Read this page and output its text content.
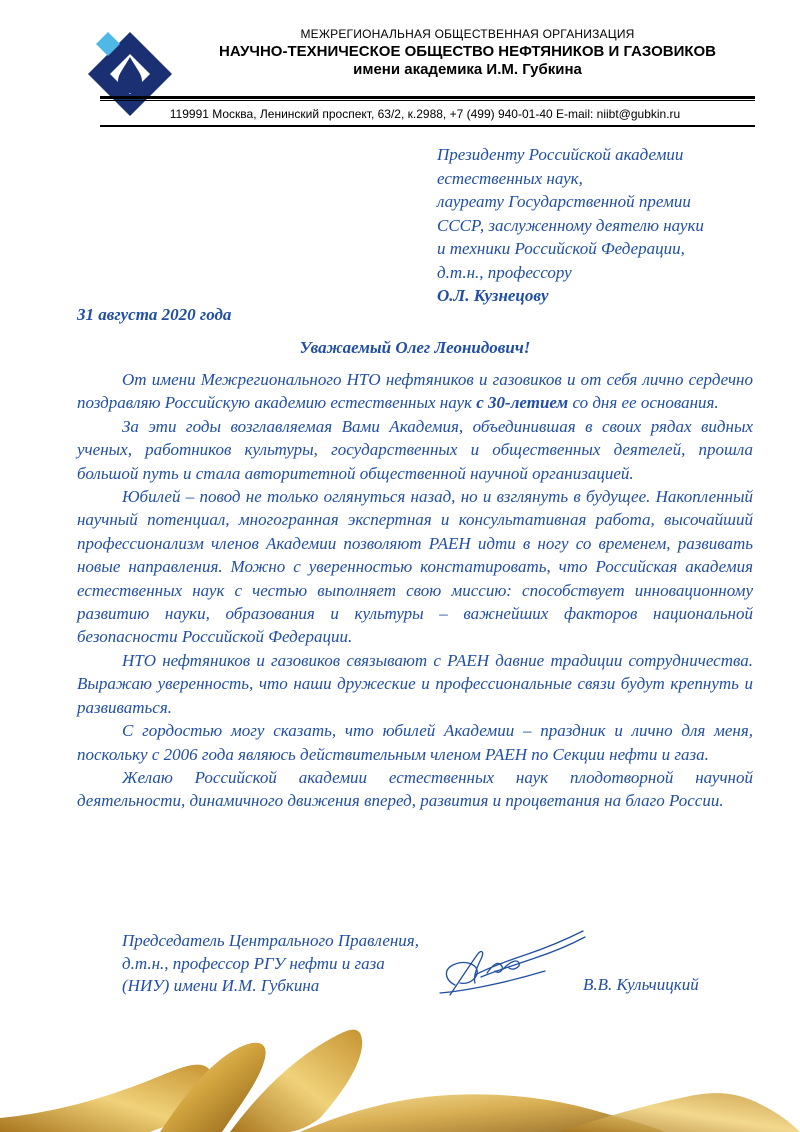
МЕЖРЕГИОНАЛЬНАЯ ОБЩЕСТВЕННАЯ ОРГАНИЗАЦИЯ
НАУЧНО-ТЕХНИЧЕСКОЕ ОБЩЕСТВО НЕФТЯНИКОВ И ГАЗОВИКОВ
имени академика И.М. Губкина
119991 Москва, Ленинский проспект, 63/2, к.2988, +7 (499) 940-01-40 E-mail: niibt@gubkin.ru
Президенту Российской академии
естественных наук,
лауреату Государственной премии
СССР, заслуженному деятелю науки
и техники Российской Федерации,
д.т.н., профессору
О.Л. Кузнецову
31 августа 2020 года
Уважаемый Олег Леонидович!

От имени Межрегионального НТО нефтяников и газовиков и от себя лично сердечно поздравляю Российскую академию естественных наук с 30-летием со дня ее основания.

За эти годы возглавляемая Вами Академия, объединившая в своих рядах видных ученых, работников культуры, государственных и общественных деятелей, прошла большой путь и стала авторитетной общественной научной организацией.

Юбилей – повод не только оглянуться назад, но и взглянуть в будущее. Накопленный научный потенциал, многогранная экспертная и консультативная работа, высочайший профессионализм членов Академии позволяют РАЕН идти в ногу со временем, развивать новые направления. Можно с уверенностью констатировать, что Российская академия естественных наук с честью выполняет свою миссию: способствует инновационному развитию науки, образования и культуры – важнейших факторов национальной безопасности Российской Федерации.

НТО нефтяников и газовиков связывают с РАЕН давние традиции сотрудничества. Выражаю уверенность, что наши дружеские и профессиональные связи будут крепнуть и развиваться.

С гордостью могу сказать, что юбилей Академии – праздник и лично для меня, поскольку с 2006 года являюсь действительным членом РАЕН по Секции нефти и газа.

Желаю Российской академии естественных наук плодотворной научной деятельности, динамичного движения вперед, развития и процветания на благо России.

Председатель Центрального Правления,
д.т.н., профессор РГУ нефти и газа
(НИУ) имени И.М. Губкина	В.В. Кульчицкий
